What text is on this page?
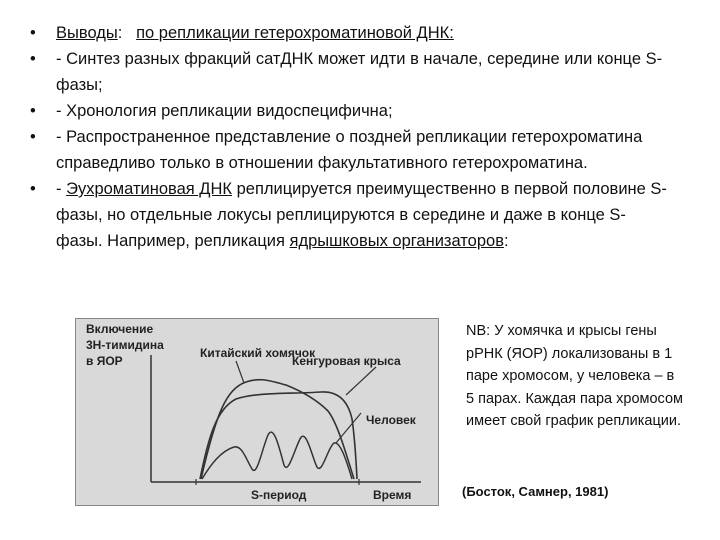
• Выводы: по репликации гетерохроматиновой ДНК:
• - Синтез разных фракций сатДНК может идти в начале, середине или конце S-фазы;
• - Хронология репликации видоспецифична;
• - Распространенное представление о поздней репликации гетерохроматина справедливо только в отношении факультативного гетерохроматина.
• - Эухроматиновая ДНК реплицируется преимущественно в первой половине S-фазы, но отдельные локусы реплицируются в середине и даже в конце S-фазы. Например, репликация ядрышковых организаторов:
Включение
3Н-тимидина
в ЯОР
Китайский хомячок
Кенгуровая крыса
Человек
S-период	Время
NB: У хомячка и крысы гены рРНК (ЯОР) локализованы в 1 паре хромосом, у человека – в 5 парах. Каждая пара хромосом имеет свой график репликации.
(Босток, Самнер, 1981)
